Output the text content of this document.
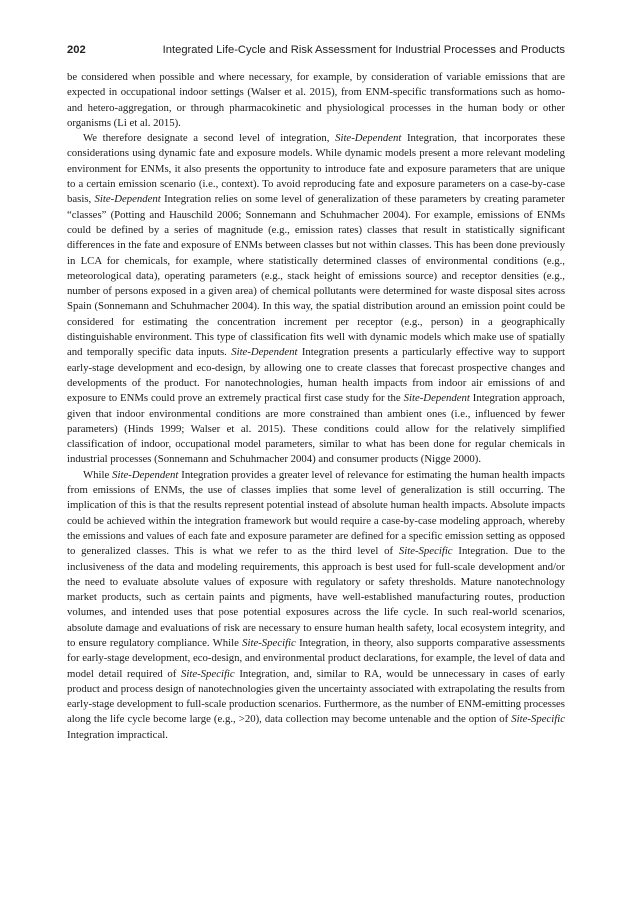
202	Integrated Life-Cycle and Risk Assessment for Industrial Processes and Products

be considered when possible and where necessary, for example, by consideration of variable emissions that are expected in occupational indoor settings (Walser et al. 2015), from ENM-specific transformations such as homo- and hetero-aggregation, or through pharmacokinetic and physiological processes in the human body or other organisms (Li et al. 2015).

We therefore designate a second level of integration, Site-Dependent Integration, that incorporates these considerations using dynamic fate and exposure models. While dynamic models present a more relevant modeling environment for ENMs, it also presents the opportunity to introduce fate and exposure parameters that are unique to a certain emission scenario (i.e., context). To avoid reproducing fate and exposure parameters on a case-by-case basis, Site-Dependent Integration relies on some level of generalization of these parameters by creating parameter “classes” (Potting and Hauschild 2006; Sonnemann and Schuhmacher 2004). For example, emissions of ENMs could be defined by a series of magnitude (e.g., emission rates) classes that result in statistically significant differences in the fate and exposure of ENMs between classes but not within classes. This has been done previously in LCA for chemicals, for example, where statistically determined classes of environmental conditions (e.g., meteorological data), operating parameters (e.g., stack height of emissions source) and receptor densities (e.g., number of persons exposed in a given area) of chemical pollutants were determined for waste disposal sites across Spain (Sonnemann and Schuhmacher 2004). In this way, the spatial distribution around an emission point could be considered for estimating the concentration increment per receptor (e.g., person) in a geographically distinguishable environment. This type of classification fits well with dynamic models which make use of spatially and temporally specific data inputs. Site-Dependent Integration presents a particularly effective way to support early-stage development and eco-design, by allowing one to create classes that forecast prospective changes and developments of the product. For nanotechnologies, human health impacts from indoor air emissions of and exposure to ENMs could prove an extremely practical first case study for the Site-Dependent Integration approach, given that indoor environmental conditions are more constrained than ambient ones (i.e., influenced by fewer parameters) (Hinds 1999; Walser et al. 2015). These conditions could allow for the relatively simplified classification of indoor, occupational model parameters, similar to what has been done for regular chemicals in industrial processes (Sonnemann and Schuhmacher 2004) and consumer products (Nigge 2000).

While Site-Dependent Integration provides a greater level of relevance for estimating the human health impacts from emissions of ENMs, the use of classes implies that some level of generalization is still occurring. The implication of this is that the results represent potential instead of absolute human health impacts. Absolute impacts could be achieved within the integration framework but would require a case-by-case modeling approach, whereby the emissions and values of each fate and exposure parameter are defined for a specific emission setting as opposed to generalized classes. This is what we refer to as the third level of Site-Specific Integration. Due to the inclusiveness of the data and modeling requirements, this approach is best used for full-scale development and/or the need to evaluate absolute values of exposure with regulatory or safety thresholds. Mature nanotechnology market products, such as certain paints and pigments, have well-established manufacturing routes, production volumes, and intended uses that pose potential exposures across the life cycle. In such real-world scenarios, absolute damage and evaluations of risk are necessary to ensure human health safety, local ecosystem integrity, and to ensure regulatory compliance. While Site-Specific Integration, in theory, also supports comparative assessments for early-stage development, eco-design, and environmental product declarations, for example, the level of data and model detail required of Site-Specific Integration, and, similar to RA, would be unnecessary in cases of early product and process design of nanotechnologies given the uncertainty associated with extrapolating the results from early-stage development to full-scale production scenarios. Furthermore, as the number of ENM-emitting processes along the life cycle become large (e.g., >20), data collection may become untenable and the option of Site-Specific Integration impractical.
